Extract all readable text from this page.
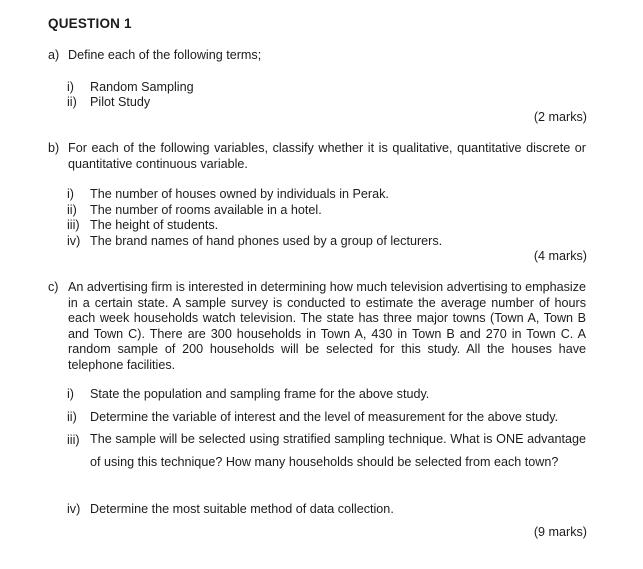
QUESTION 1
a) Define each of the following terms;
i)	Random Sampling
ii)	Pilot Study
(2 marks)
b) For each of the following variables, classify whether it is qualitative, quantitative discrete or quantitative continuous variable.
i)	The number of houses owned by individuals in Perak.
ii)	The number of rooms available in a hotel.
iii) The height of students.
iv) The brand names of hand phones used by a group of lecturers.
(4 marks)
c) An advertising firm is interested in determining how much television advertising to emphasize in a certain state. A sample survey is conducted to estimate the average number of hours each week households watch television. The state has three major towns (Town A, Town B and Town C). There are 300 households in Town A, 430 in Town B and 270 in Town C. A random sample of 200 households will be selected for this study. All the houses have telephone facilities.
i)	State the population and sampling frame for the above study.
ii)	Determine the variable of interest and the level of measurement for the above study.
iii) The sample will be selected using stratified sampling technique. What is ONE advantage of using this technique? How many households should be selected from each town?
iv) Determine the most suitable method of data collection.
(9 marks)
